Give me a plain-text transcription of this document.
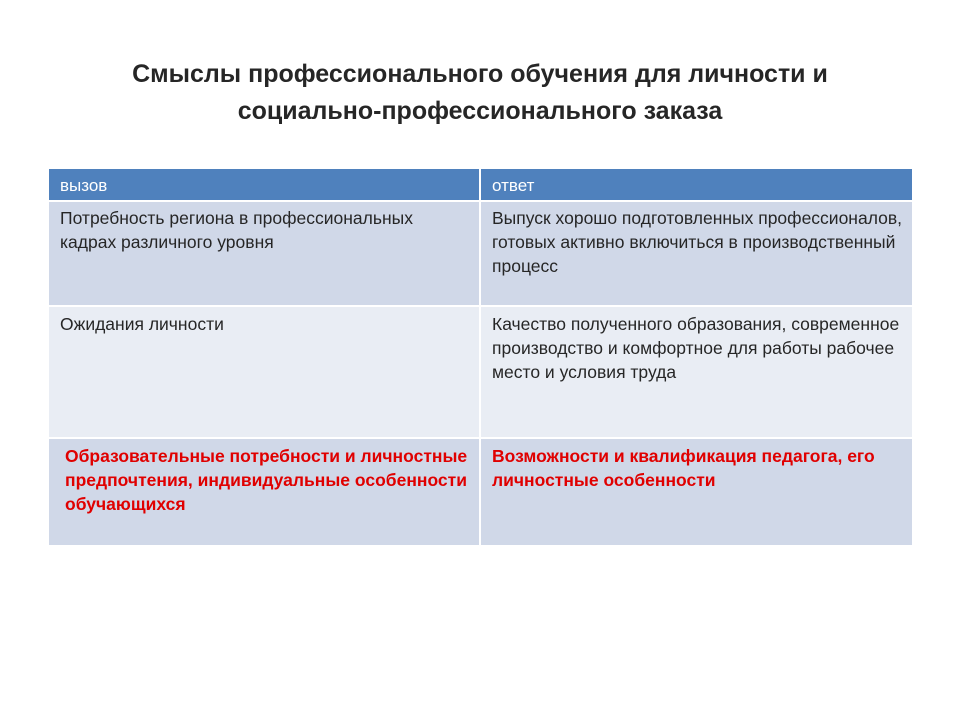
Смыслы профессионального обучения для личности и
социально-профессионального заказа
вызов	ответ
Потребность региона в профессиональных кадрах различного уровня	Выпуск хорошо подготовленных профессионалов, готовых активно включиться в производственный процесс
Ожидания личности	Качество полученного образования, современное производство и комфортное для работы рабочее место и условия труда
Образовательные потребности и личностные предпочтения, индивидуальные особенности обучающихся	Возможности и квалификация педагога, его личностные особенности
